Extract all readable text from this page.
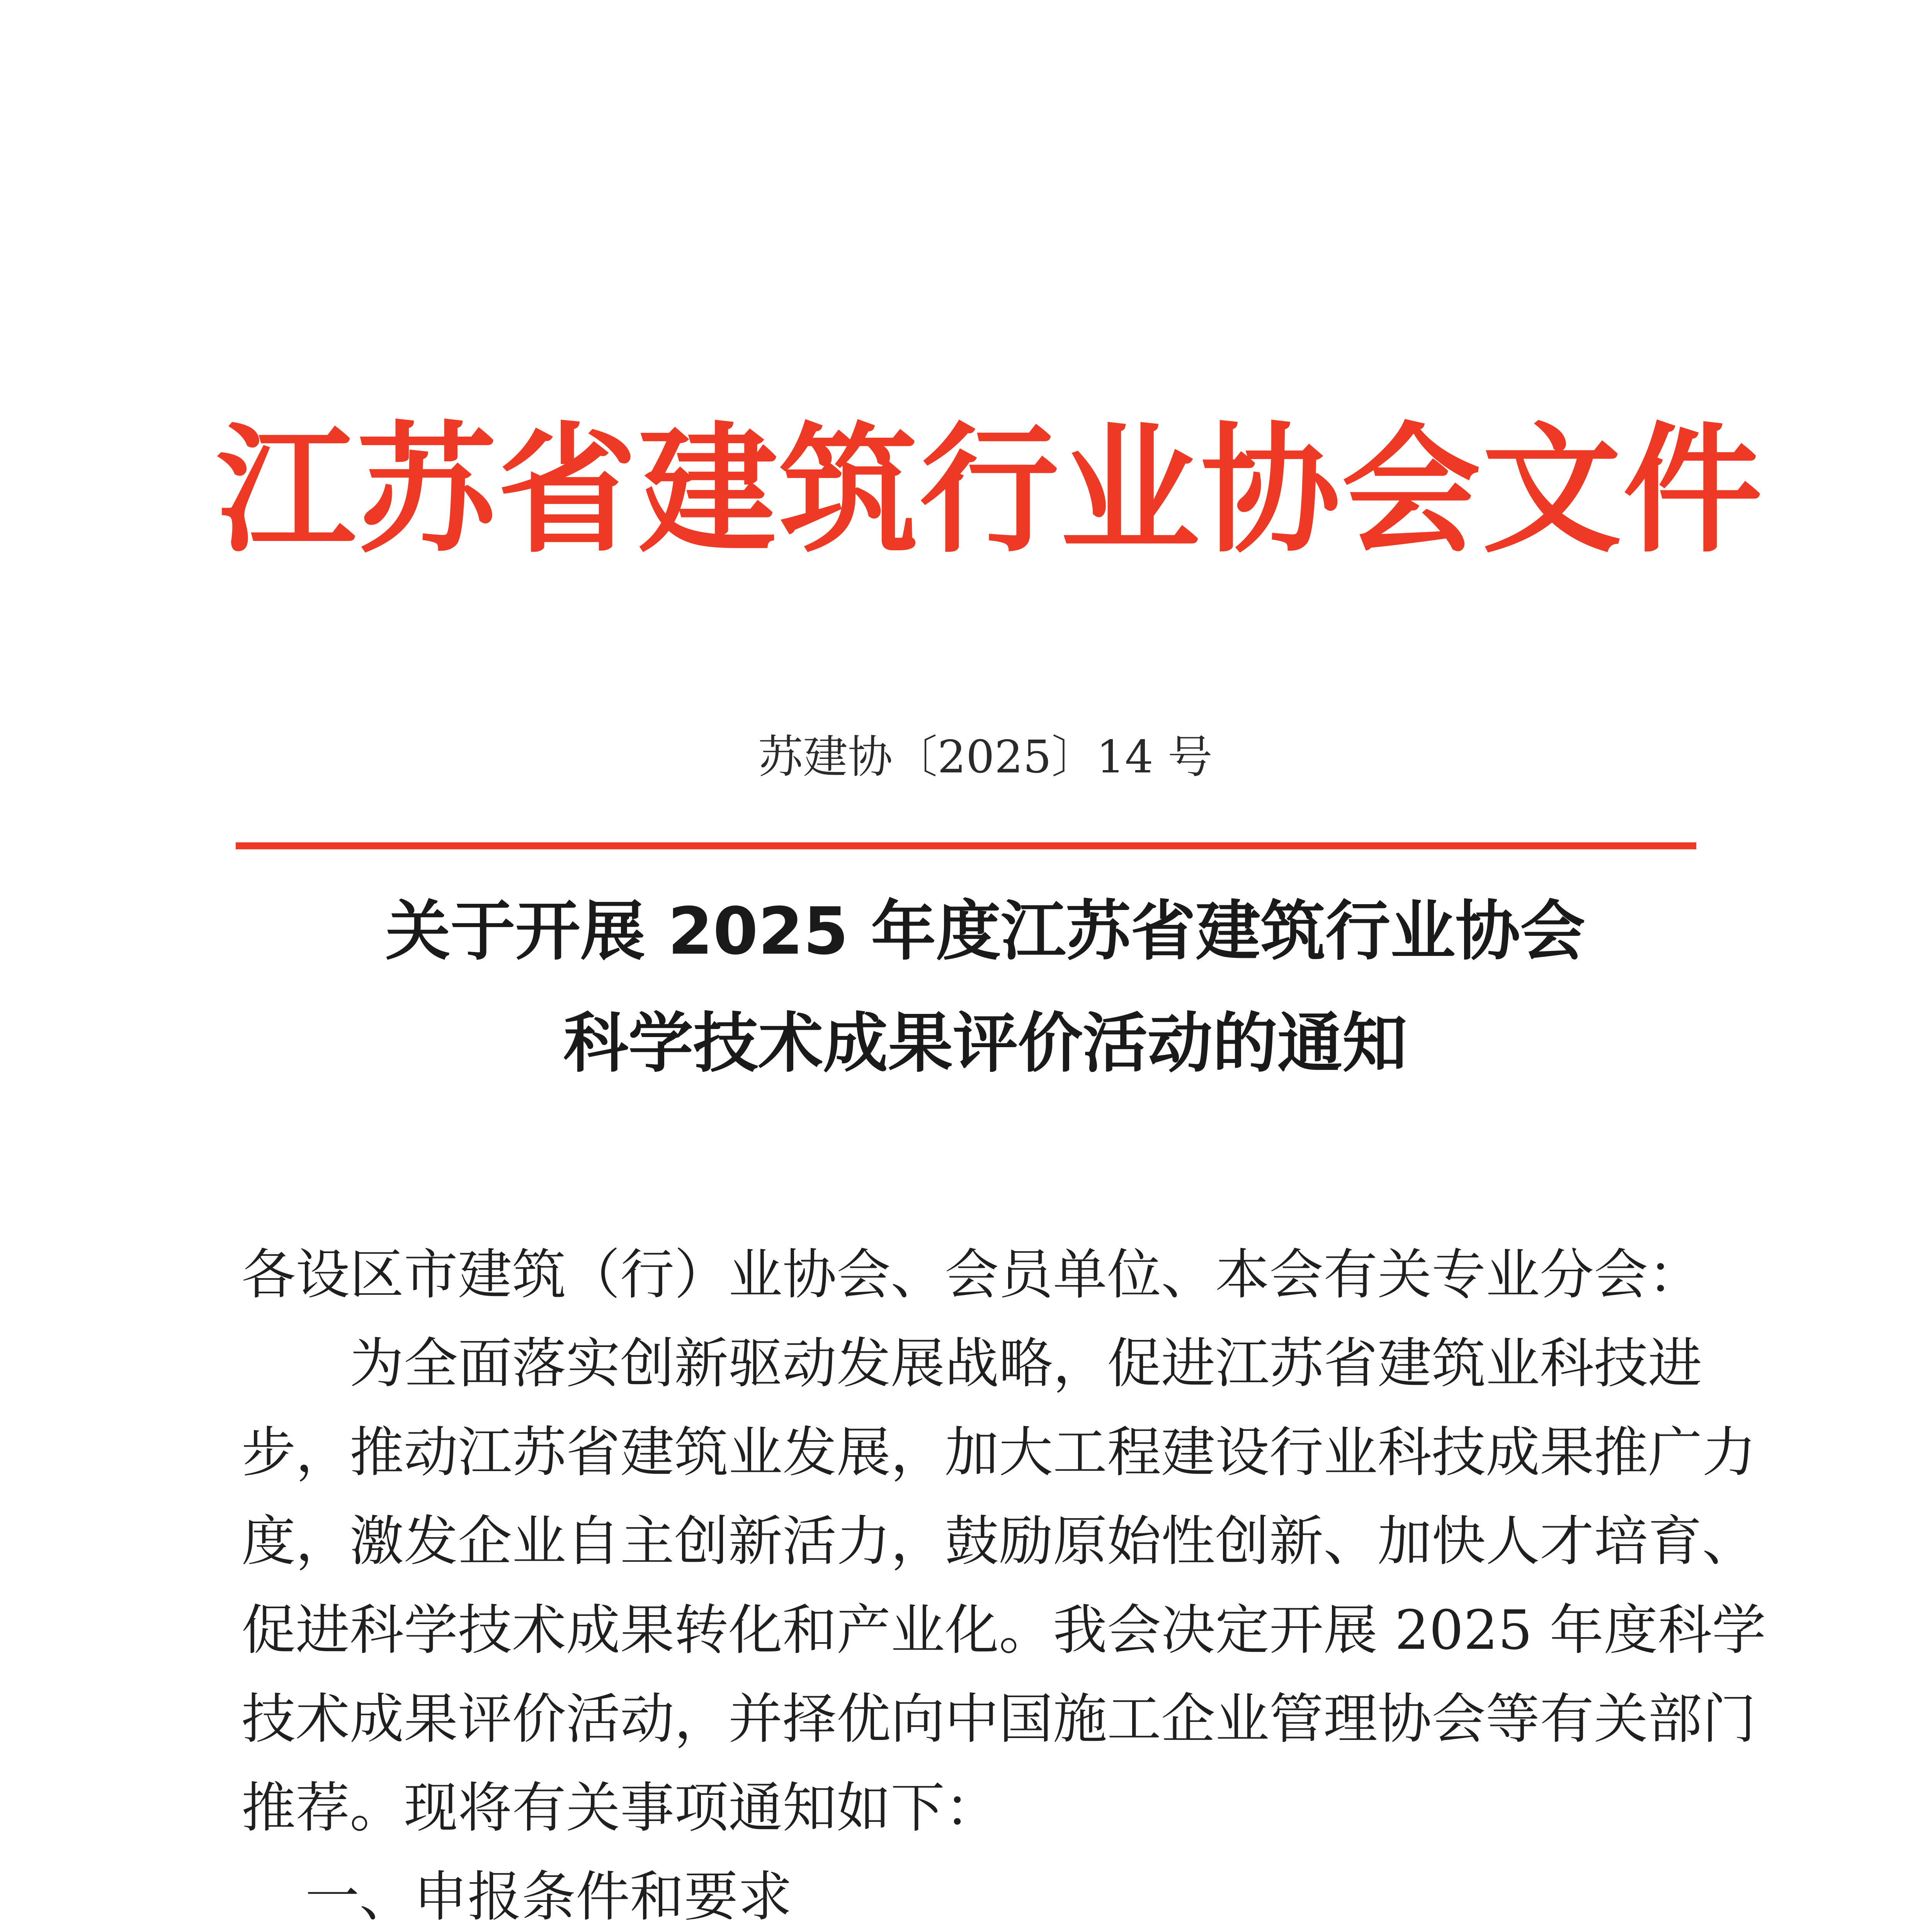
江苏省建筑行业协会文件
苏建协〔2025〕14 号
关于开展 2025 年度江苏省建筑行业协会
科学技术成果评价活动的通知

各设区市建筑（行）业协会、会员单位、本会有关专业分会：

为全面落实创新驱动发展战略，促进江苏省建筑业科技进

步，推动江苏省建筑业发展，加大工程建设行业科技成果推广力

度，激发企业自主创新活力，鼓励原始性创新、加快人才培育、

促进科学技术成果转化和产业化。我会决定开展 2025 年度科学

技术成果评价活动，并择优向中国施工企业管理协会等有关部门

推荐。现将有关事项通知如下：

一、申报条件和要求
